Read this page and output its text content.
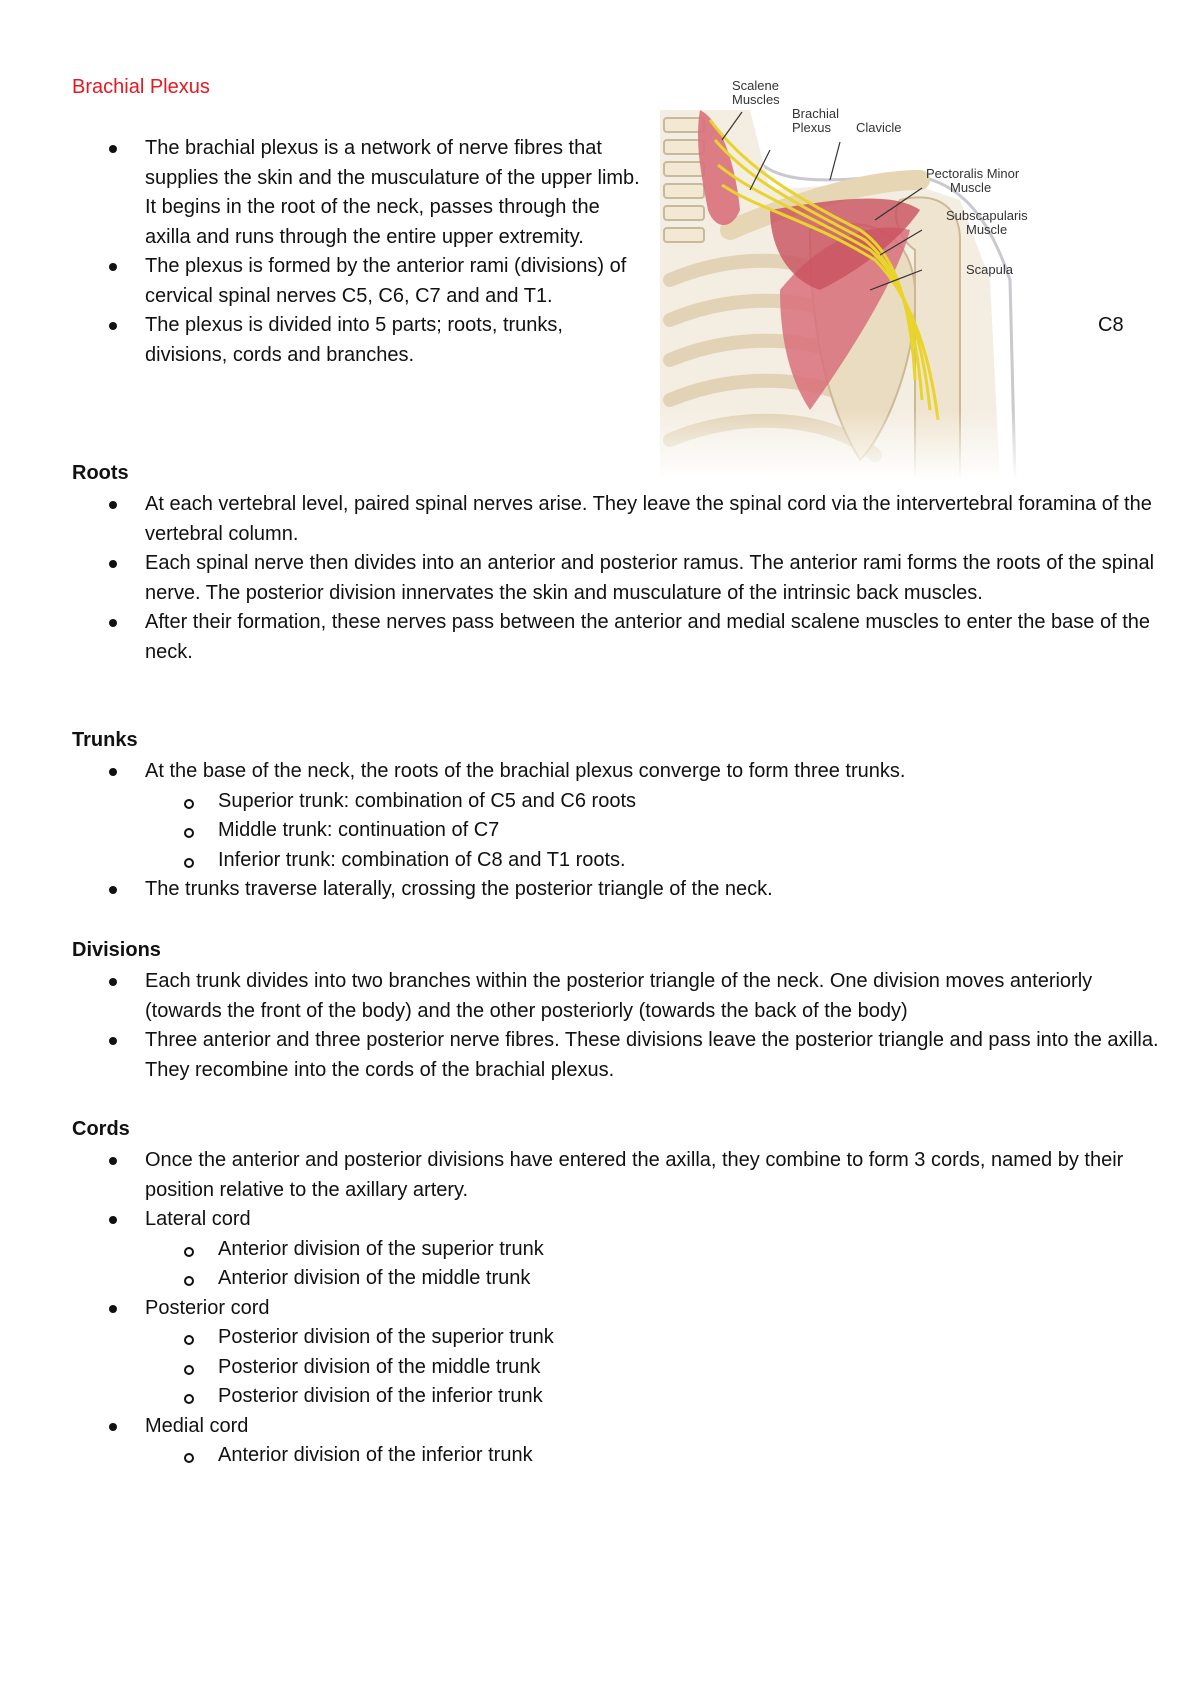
Brachial Plexus
The brachial plexus is a network of nerve fibres that supplies the skin and the musculature of the upper limb. It begins in the root of the neck, passes through the axilla and runs through the entire upper extremity.
The plexus is formed by the anterior rami (divisions) of cervical spinal nerves C5, C6, C7 and and T1.
The plexus is divided into 5 parts; roots, trunks, divisions, cords and branches.
C8
Scalene
Muscles
Brachial
Plexus Clavicle
Pectoralis Minor
Muscle
Subscapularis
Muscle
Scapula
Roots
At each vertebral level, paired spinal nerves arise. They leave the spinal cord via the intervertebral foramina of the vertebral column.
Each spinal nerve then divides into an anterior and posterior ramus. The anterior rami forms the roots of the spinal nerve. The posterior division innervates the skin and musculature of the intrinsic back muscles.
After their formation, these nerves pass between the anterior and medial scalene muscles to enter the base of the neck.
Trunks
At the base of the neck, the roots of the brachial plexus converge to form three trunks.
Superior trunk: combination of C5 and C6 roots
Middle trunk: continuation of C7
Inferior trunk: combination of C8 and T1 roots.
The trunks traverse laterally, crossing the posterior triangle of the neck.
Divisions
Each trunk divides into two branches within the posterior triangle of the neck. One division moves anteriorly (towards the front of the body) and the other posteriorly (towards the back of the body)
Three anterior and three posterior nerve fibres. These divisions leave the posterior triangle and pass into the axilla. They recombine into the cords of the brachial plexus.
Cords
Once the anterior and posterior divisions have entered the axilla, they combine to form 3 cords, named by their position relative to the axillary artery.
Lateral cord
Anterior division of the superior trunk
Anterior division of the middle trunk
Posterior cord
Posterior division of the superior trunk
Posterior division of the middle trunk
Posterior division of the inferior trunk
Medial cord
Anterior division of the inferior trunk
